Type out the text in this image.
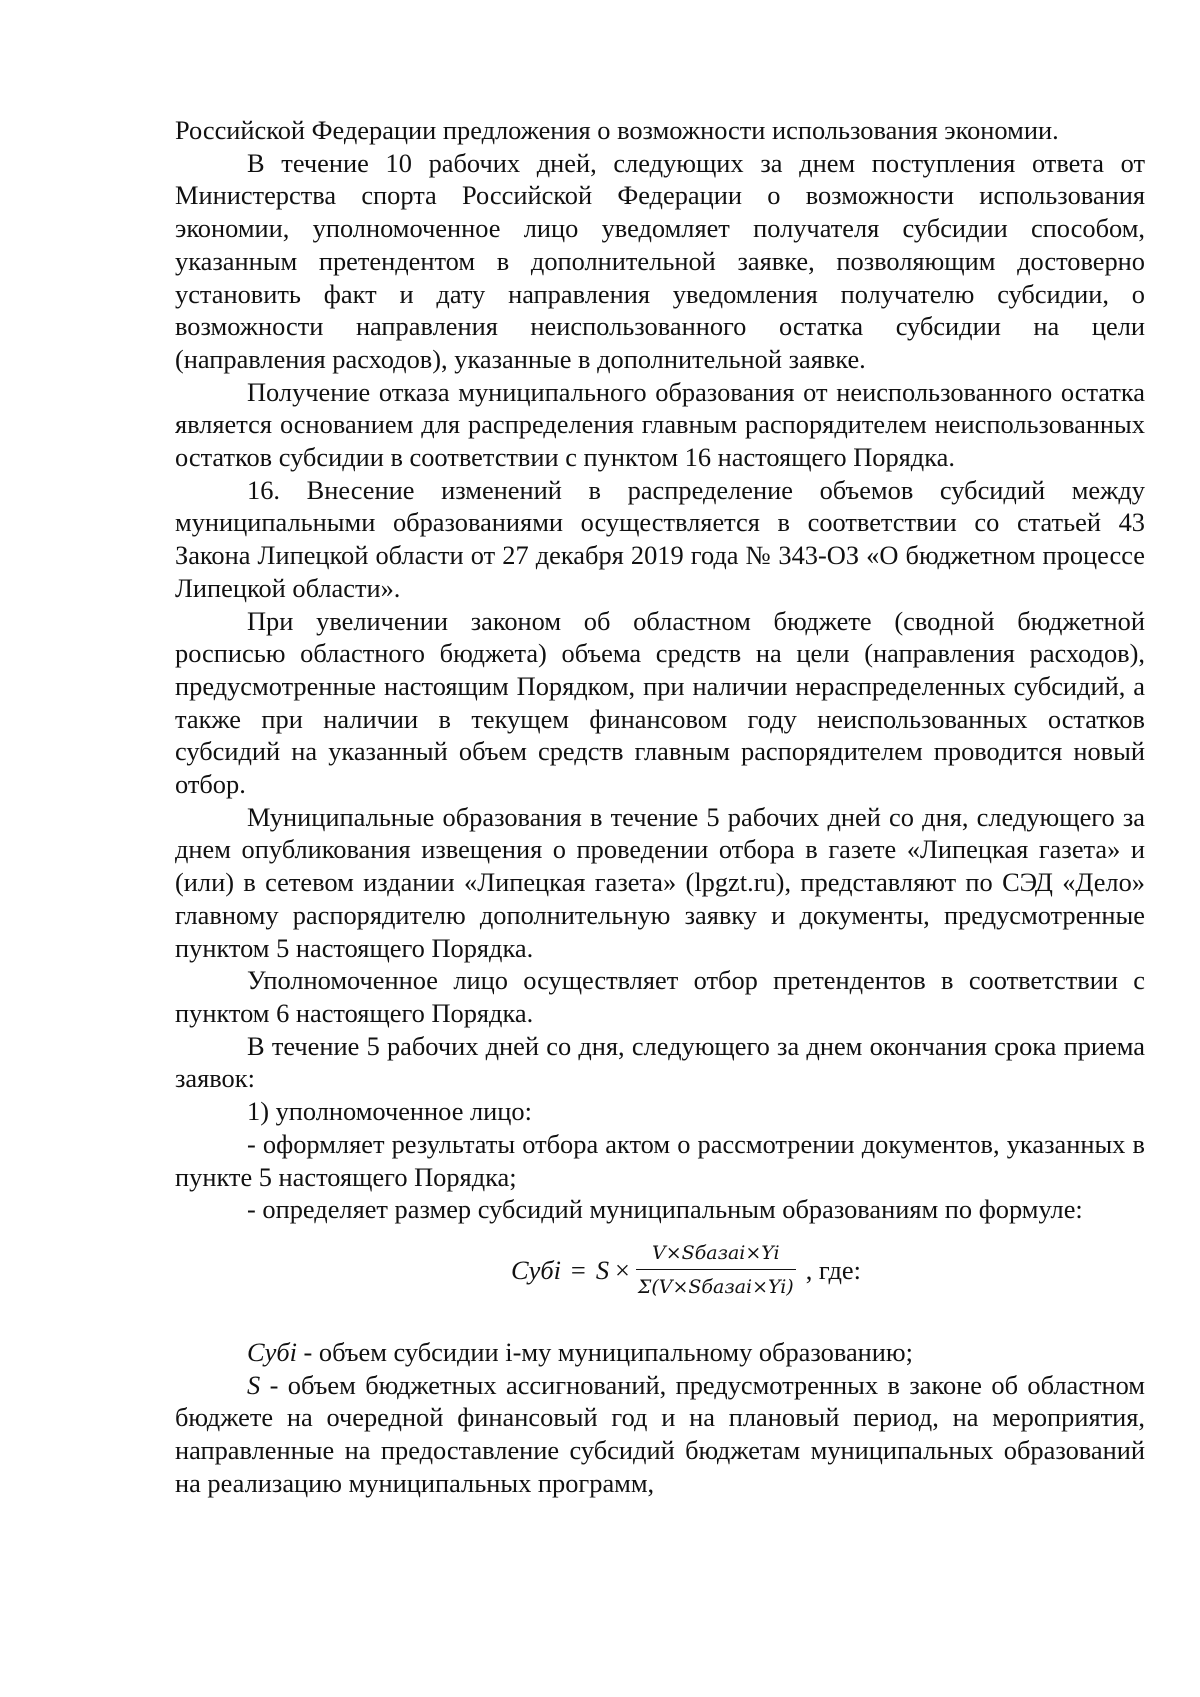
Российской Федерации предложения о возможности использования экономии.

В течение 10 рабочих дней, следующих за днем поступления ответа от Министерства спорта Российской Федерации о возможности использования экономии, уполномоченное лицо уведомляет получателя субсидии способом, указанным претендентом в дополнительной заявке, позволяющим достоверно установить факт и дату направления уведомления получателю субсидии, о возможности направления неиспользованного остатка субсидии на цели (направления расходов), указанные в дополнительной заявке.

Получение отказа муниципального образования от неиспользованного остатка является основанием для распределения главным распорядителем неиспользованных остатков субсидии в соответствии с пунктом 16 настоящего Порядка.

16. Внесение изменений в распределение объемов субсидий между муниципальными образованиями осуществляется в соответствии со статьей 43 Закона Липецкой области от 27 декабря 2019 года № 343-ОЗ «О бюджетном процессе Липецкой области».

При увеличении законом об областном бюджете (сводной бюджетной росписью областного бюджета) объема средств на цели (направления расходов), предусмотренные настоящим Порядком, при наличии нераспределенных субсидий, а также при наличии в текущем финансовом году неиспользованных остатков субсидий на указанный объем средств главным распорядителем проводится новый отбор.

Муниципальные образования в течение 5 рабочих дней со дня, следующего за днем опубликования извещения о проведении отбора в газете «Липецкая газета» и (или) в сетевом издании «Липецкая газета» (lpgzt.ru), представляют по СЭД «Дело» главному распорядителю дополнительную заявку и документы, предусмотренные пунктом 5 настоящего Порядка.

Уполномоченное лицо осуществляет отбор претендентов в соответствии с пунктом 6 настоящего Порядка.

В течение 5 рабочих дней со дня, следующего за днем окончания срока приема заявок:

1) уполномоченное лицо:

- оформляет результаты отбора актом о рассмотрении документов, указанных в пункте 5 настоящего Порядка;

- определяет размер субсидий муниципальным образованиям по формуле:

Субi = $S \times \frac{\text{V×Sбазаi×Yi}}{\text{Σ(V×Sбазаi×Yi)}}$ , где:

Субi - объем субсидии i-му муниципальному образованию;

S - объем бюджетных ассигнований, предусмотренных в законе об областном бюджете на очередной финансовый год и на плановый период, на мероприятия, направленные на предоставление субсидий бюджетам муниципальных образований на реализацию муниципальных программ,
